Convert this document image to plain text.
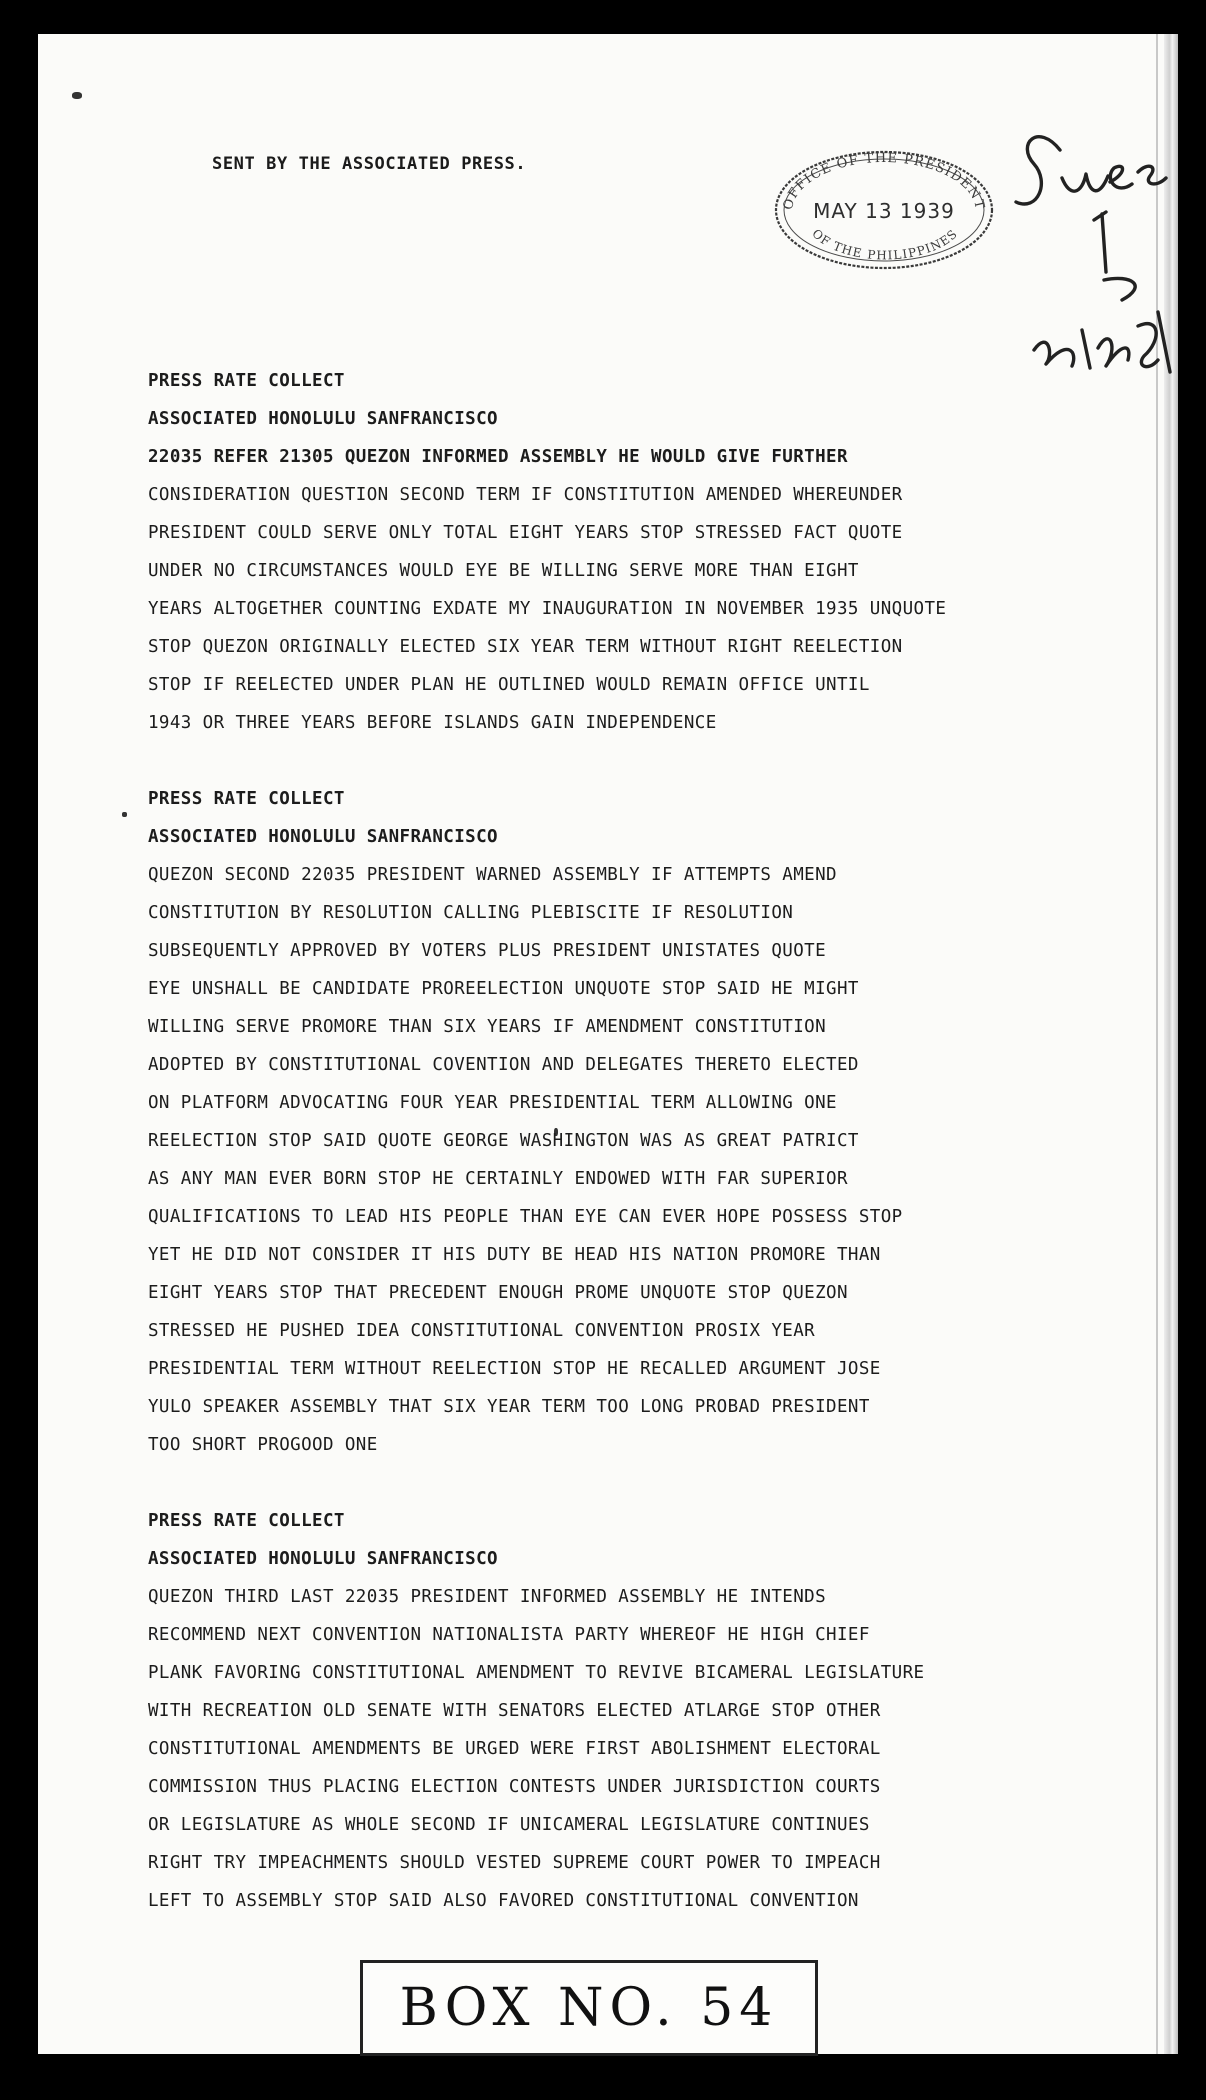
SENT BY THE ASSOCIATED PRESS.
OFFICE OF THE PRESIDENT
MAY 13 1939
OF THE PHILIPPINES
PRESS RATE COLLECT
ASSOCIATED HONOLULU SANFRANCISCO
22035 REFER 21305 QUEZON INFORMED ASSEMBLY HE WOULD GIVE FURTHER
CONSIDERATION QUESTION SECOND TERM IF CONSTITUTION AMENDED WHEREUNDER
PRESIDENT COULD SERVE ONLY TOTAL EIGHT YEARS STOP STRESSED FACT QUOTE
UNDER NO CIRCUMSTANCES WOULD EYE BE WILLING SERVE MORE THAN EIGHT
YEARS ALTOGETHER COUNTING EXDATE MY INAUGURATION IN NOVEMBER 1935 UNQUOTE
STOP QUEZON ORIGINALLY ELECTED SIX YEAR TERM WITHOUT RIGHT REELECTION
STOP IF REELECTED UNDER PLAN HE OUTLINED WOULD REMAIN OFFICE UNTIL
1943 OR THREE YEARS BEFORE ISLANDS GAIN INDEPENDENCE
PRESS RATE COLLECT
ASSOCIATED HONOLULU SANFRANCISCO
QUEZON SECOND 22035 PRESIDENT WARNED ASSEMBLY IF ATTEMPTS AMEND
CONSTITUTION BY RESOLUTION CALLING PLEBISCITE IF RESOLUTION
SUBSEQUENTLY APPROVED BY VOTERS PLUS PRESIDENT UNISTATES QUOTE
EYE UNSHALL BE CANDIDATE PROREELECTION UNQUOTE STOP SAID HE MIGHT
WILLING SERVE PROMORE THAN SIX YEARS IF AMENDMENT CONSTITUTION
ADOPTED BY CONSTITUTIONAL COVENTION AND DELEGATES THERETO ELECTED
ON PLATFORM ADVOCATING FOUR YEAR PRESIDENTIAL TERM ALLOWING ONE
REELECTION STOP SAID QUOTE GEORGE WASHINGTON WAS AS GREAT PATRICT
AS ANY MAN EVER BORN STOP HE CERTAINLY ENDOWED WITH FAR SUPERIOR
QUALIFICATIONS TO LEAD HIS PEOPLE THAN EYE CAN EVER HOPE POSSESS STOP
YET HE DID NOT CONSIDER IT HIS DUTY BE HEAD HIS NATION PROMORE THAN
EIGHT YEARS STOP THAT PRECEDENT ENOUGH PROME UNQUOTE STOP QUEZON
STRESSED HE PUSHED IDEA CONSTITUTIONAL CONVENTION PROSIX YEAR
PRESIDENTIAL TERM WITHOUT REELECTION STOP HE RECALLED ARGUMENT JOSE
YULO SPEAKER ASSEMBLY THAT SIX YEAR TERM TOO LONG PROBAD PRESIDENT
TOO SHORT PROGOOD ONE
PRESS RATE COLLECT
ASSOCIATED HONOLULU SANFRANCISCO
QUEZON THIRD LAST 22035 PRESIDENT INFORMED ASSEMBLY HE INTENDS
RECOMMEND NEXT CONVENTION NATIONALISTA PARTY WHEREOF HE HIGH CHIEF
PLANK FAVORING CONSTITUTIONAL AMENDMENT TO REVIVE BICAMERAL LEGISLATURE
WITH RECREATION OLD SENATE WITH SENATORS ELECTED ATLARGE STOP OTHER
CONSTITUTIONAL AMENDMENTS BE URGED WERE FIRST ABOLISHMENT ELECTORAL
COMMISSION THUS PLACING ELECTION CONTESTS UNDER JURISDICTION COURTS
OR LEGISLATURE AS WHOLE SECOND IF UNICAMERAL LEGISLATURE CONTINUES
RIGHT TRY IMPEACHMENTS SHOULD VESTED SUPREME COURT POWER TO IMPEACH
LEFT TO ASSEMBLY STOP SAID ALSO FAVORED CONSTITUTIONAL CONVENTION
BOX NO. 54
